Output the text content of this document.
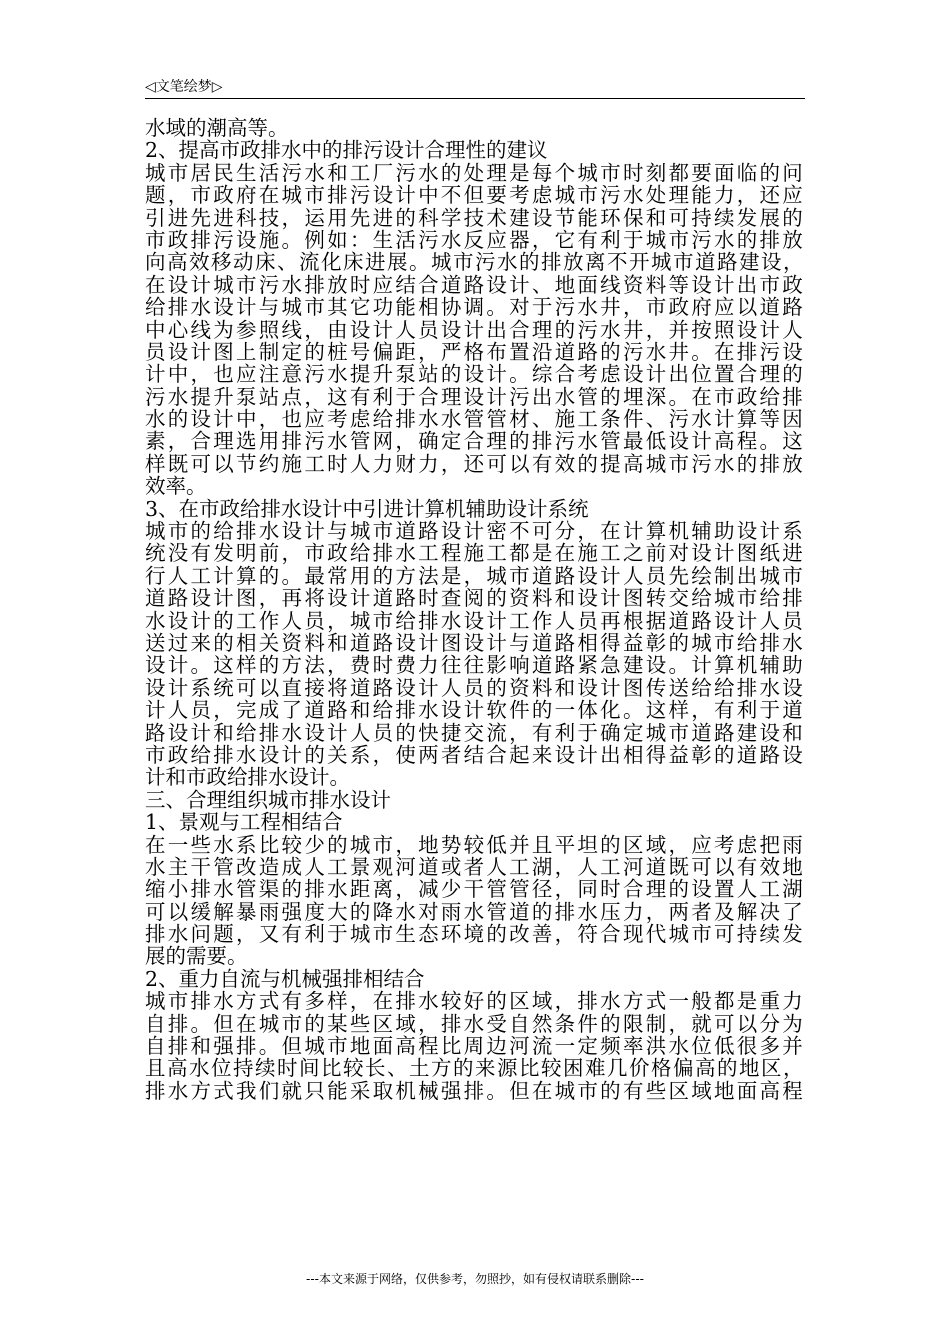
◁文笔绘梦▷
水域的潮高等。
2、提高市政排水中的排污设计合理性的建议
城市居民生活污水和工厂污水的处理是每个城市时刻都要面临的问
题，市政府在城市排污设计中不但要考虑城市污水处理能力，还应
引进先进科技，运用先进的科学技术建设节能环保和可持续发展的
市政排污设施。例如：生活污水反应器，它有利于城市污水的排放
向高效移动床、流化床进展。城市污水的排放离不开城市道路建设，
在设计城市污水排放时应结合道路设计、地面线资料等设计出市政
给排水设计与城市其它功能相协调。对于污水井，市政府应以道路
中心线为参照线，由设计人员设计出合理的污水井，并按照设计人
员设计图上制定的桩号偏距，严格布置沿道路的污水井。在排污设
计中，也应注意污水提升泵站的设计。综合考虑设计出位置合理的
污水提升泵站点，这有利于合理设计污出水管的埋深。在市政给排
水的设计中，也应考虑给排水水管管材、施工条件、污水计算等因
素，合理选用排污水管网，确定合理的排污水管最低设计高程。这
样既可以节约施工时人力财力，还可以有效的提高城市污水的排放
效率。
3、在市政给排水设计中引进计算机辅助设计系统
城市的给排水设计与城市道路设计密不可分，在计算机辅助设计系
统没有发明前，市政给排水工程施工都是在施工之前对设计图纸进
行人工计算的。最常用的方法是，城市道路设计人员先绘制出城市
道路设计图，再将设计道路时查阅的资料和设计图转交给城市给排
水设计的工作人员，城市给排水设计工作人员再根据道路设计人员
送过来的相关资料和道路设计图设计与道路相得益彰的城市给排水
设计。这样的方法，费时费力往往影响道路紧急建设。计算机辅助
设计系统可以直接将道路设计人员的资料和设计图传送给给排水设
计人员，完成了道路和给排水设计软件的一体化。这样，有利于道
路设计和给排水设计人员的快捷交流，有利于确定城市道路建设和
市政给排水设计的关系，使两者结合起来设计出相得益彰的道路设
计和市政给排水设计。
三、合理组织城市排水设计
1、景观与工程相结合
在一些水系比较少的城市，地势较低并且平坦的区域，应考虑把雨
水主干管改造成人工景观河道或者人工湖，人工河道既可以有效地
缩小排水管渠的排水距离，减少干管管径，同时合理的设置人工湖
可以缓解暴雨强度大的降水对雨水管道的排水压力，两者及解决了
排水问题，又有利于城市生态环境的改善，符合现代城市可持续发
展的需要。
2、重力自流与机械强排相结合
城市排水方式有多样，在排水较好的区域，排水方式一般都是重力
自排。但在城市的某些区域，排水受自然条件的限制，就可以分为
自排和强排。但城市地面高程比周边河流一定频率洪水位低很多并
且高水位持续时间比较长、土方的来源比较困难几价格偏高的地区，
排水方式我们就只能采取机械强排。但在城市的有些区域地面高程
---本文来源于网络，仅供参考，勿照抄，如有侵权请联系删除---
